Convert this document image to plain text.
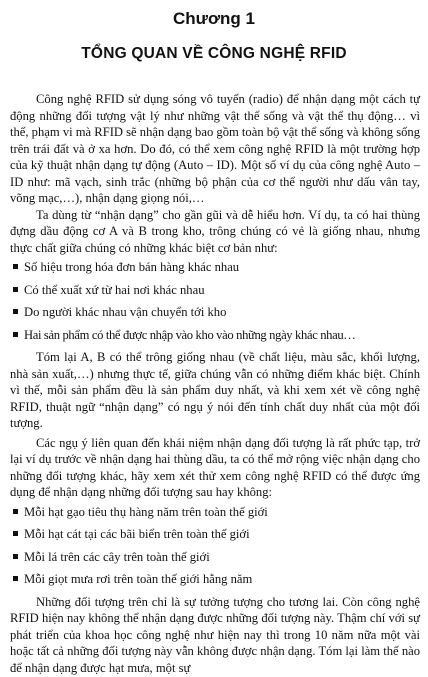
Chương 1
TỔNG QUAN VỀ CÔNG NGHỆ RFID

Công nghệ RFID sử dụng sóng vô tuyến (radio) để nhận dạng một cách tự động những đối tượng vật lý như những vật thể sống và vật thể thụ động… vì thế, phạm vi mà RFID sẽ nhận dạng bao gồm toàn bộ vật thể sống và không sống trên trái đất và ở xa hơn. Do đó, có thể xem công nghệ RFID là một trường hợp của kỹ thuật nhận dạng tự động (Auto – ID). Một số ví dụ của công nghệ Auto – ID như: mã vạch, sinh trắc (những bộ phận của cơ thể người như dấu vân tay, võng mạc,…), nhận dạng giọng nói,…

Ta dùng từ “nhận dạng” cho gần gũi và dễ hiểu hơn. Ví dụ, ta có hai thùng đựng dầu động cơ A và B trong kho, trông chúng có vẻ là giống nhau, nhưng thực chất giữa chúng có những khác biệt cơ bản như:

Số hiệu trong hóa đơn bán hàng khác nhau
Có thể xuất xứ từ hai nơi khác nhau
Do người khác nhau vận chuyển tới kho
Hai sản phẩm có thể được nhập vào kho vào những ngày khác nhau…

Tóm lại A, B có thể trông giống nhau (về chất liệu, màu sắc, khối lượng, nhà sản xuất,…) nhưng thực tế, giữa chúng vẫn có những điểm khác biệt. Chính vì thế, mỗi sản phẩm đều là sản phẩm duy nhất, và khi xem xét về công nghệ RFID, thuật ngữ “nhận dạng” có ngụ ý nói đến tính chất duy nhất của một đối tượng.

Các ngụ ý liên quan đến khái niệm nhận dạng đối tượng là rất phức tạp, trở lại ví dụ trước về nhận dạng hai thùng dầu, ta có thể mở rộng việc nhận dạng cho những đối tượng khác, hãy xem xét thử xem công nghệ RFID có thể được ứng dụng để nhận dạng những đối tượng sau hay không:

Mỗi hạt gạo tiêu thụ hàng năm trên toàn thế giới
Mỗi hạt cát tại các bãi biển trên toàn thế giới
Mỗi lá trên các cây trên toàn thế giới
Mỗi giọt mưa rơi trên toàn thế giới hằng năm

Những đối tượng trên chỉ là sự tưởng tượng cho tương lai. Còn công nghệ RFID hiện nay không thể nhận dạng được những đối tượng này. Thậm chí với sự phát triển của khoa học công nghệ như hiện nay thì trong 10 năm nữa một vài hoặc tất cả những đối tượng này vẫn không được nhận dạng. Tóm lại làm thế nào để nhận dạng được hạt mưa, một sự
